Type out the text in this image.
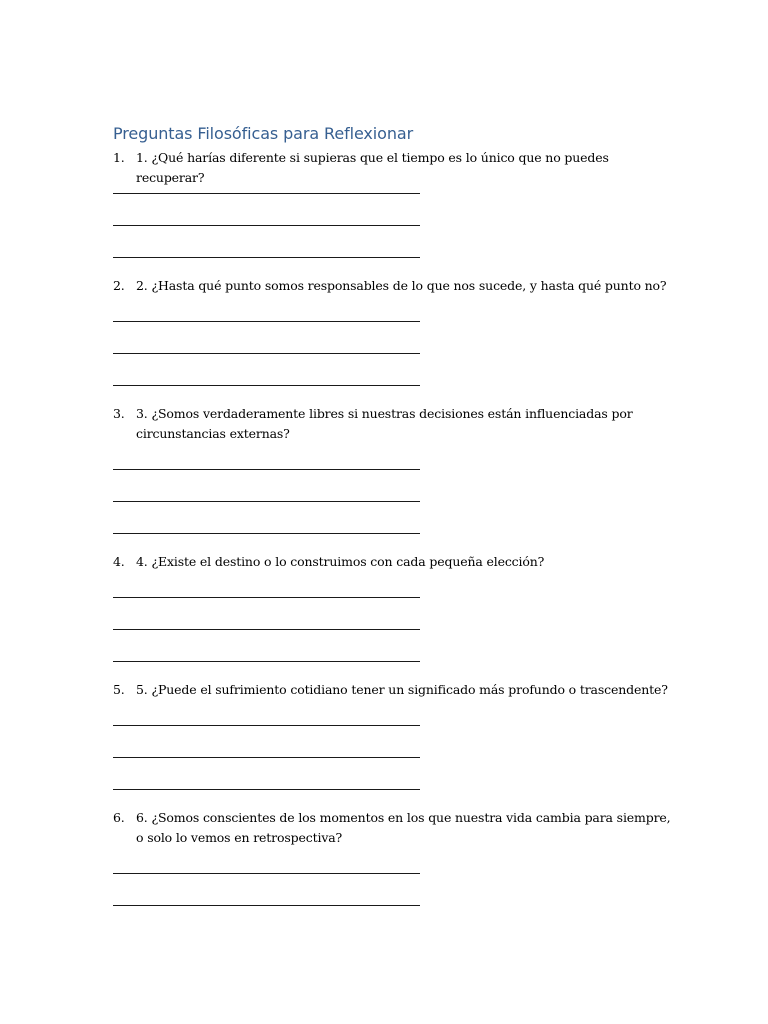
Preguntas Filosóficas para Reflexionar
1. 1. ¿Qué harías diferente si supieras que el tiempo es lo único que no puedes recuperar?
2. 2. ¿Hasta qué punto somos responsables de lo que nos sucede, y hasta qué punto no?
3. 3. ¿Somos verdaderamente libres si nuestras decisiones están influenciadas por circunstancias externas?
4. 4. ¿Existe el destino o lo construimos con cada pequeña elección?
5. 5. ¿Puede el sufrimiento cotidiano tener un significado más profundo o trascendente?
6. 6. ¿Somos conscientes de los momentos en los que nuestra vida cambia para siempre, o solo lo vemos en retrospectiva?
